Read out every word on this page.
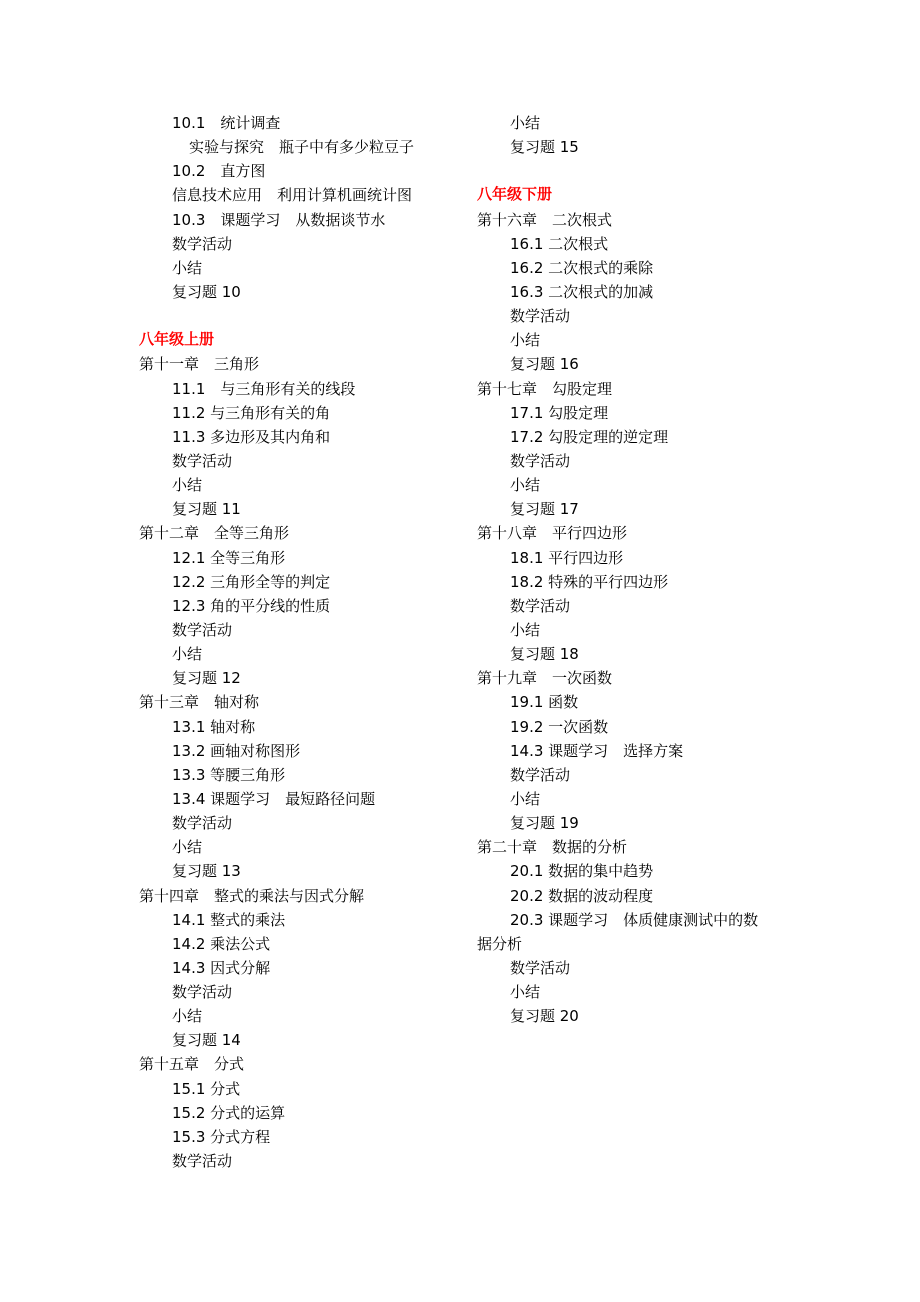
10.1　统计调查
实验与探究　瓶子中有多少粒豆子
10.2　直方图
信息技术应用　利用计算机画统计图
10.3　课题学习　从数据谈节水
数学活动
小结
复习题 10
八年级上册
第十一章　三角形
11.1　与三角形有关的线段
11.2 与三角形有关的角
11.3 多边形及其内角和
数学活动
小结
复习题 11
第十二章　全等三角形
12.1 全等三角形
12.2 三角形全等的判定
12.3 角的平分线的性质
数学活动
小结
复习题 12
第十三章　轴对称
13.1 轴对称
13.2 画轴对称图形
13.3 等腰三角形
13.4 课题学习　最短路径问题
数学活动
小结
复习题 13
第十四章　整式的乘法与因式分解
14.1 整式的乘法
14.2 乘法公式
14.3 因式分解
数学活动
小结
复习题 14
第十五章　分式
15.1 分式
15.2 分式的运算
15.3 分式方程
数学活动
小结
复习题 15
八年级下册
第十六章　二次根式
16.1 二次根式
16.2 二次根式的乘除
16.3 二次根式的加减
数学活动
小结
复习题 16
第十七章　勾股定理
17.1 勾股定理
17.2 勾股定理的逆定理
数学活动
小结
复习题 17
第十八章　平行四边形
18.1 平行四边形
18.2 特殊的平行四边形
数学活动
小结
复习题 18
第十九章　一次函数
19.1 函数
19.2 一次函数
14.3 课题学习　选择方案
数学活动
小结
复习题 19
第二十章　数据的分析
20.1 数据的集中趋势
20.2 数据的波动程度
20.3 课题学习　体质健康测试中的数
据分析
数学活动
小结
复习题 20
